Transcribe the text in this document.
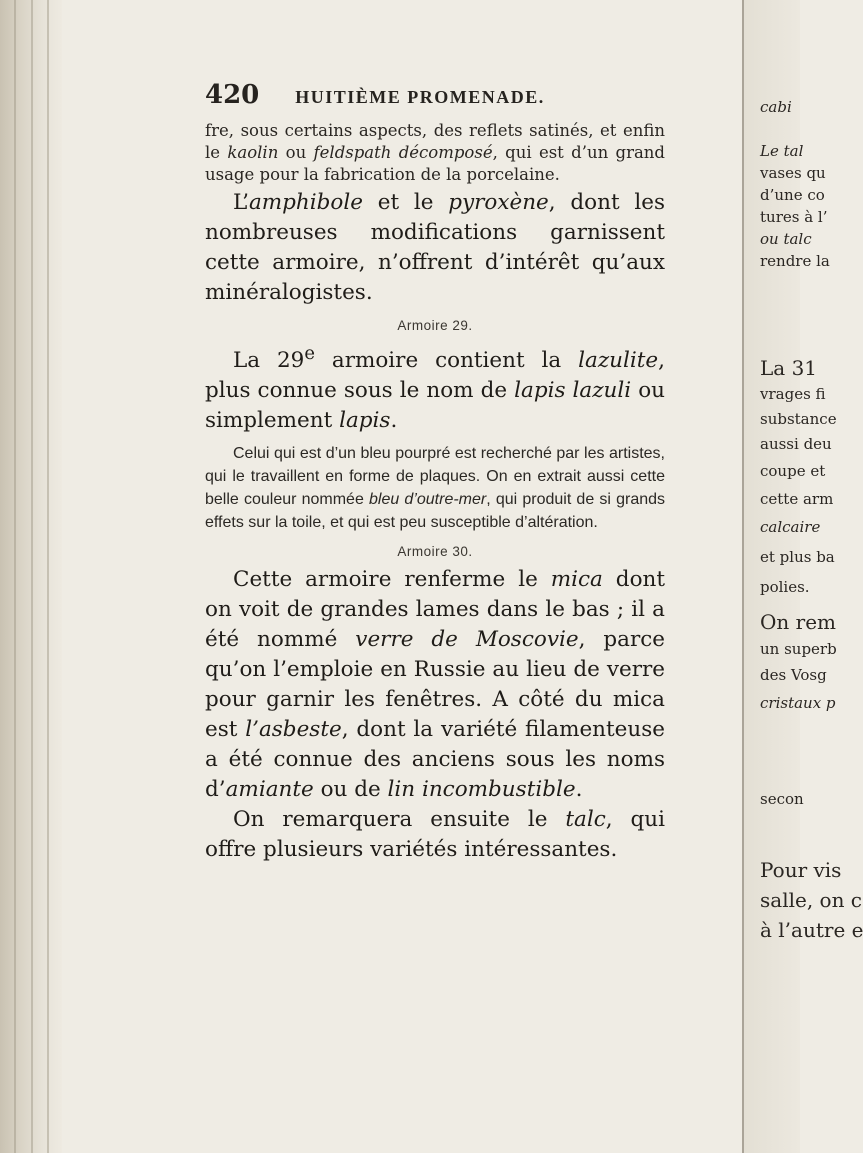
420 HUITIÈME PROMENADE.

fre, sous certains aspects, des reflets satinés, et enfin le kaolin ou feldspath décomposé, qui est d’un grand usage pour la fabrication de la porcelaine.

L’amphibole et le pyroxène, dont les nombreuses modifications garnissent cette armoire, n’offrent d’intérêt qu’aux minéralogistes.

Armoire 29.

La 29e armoire contient la lazulite, plus connue sous le nom de lapis lazuli ou simplement lapis.

Celui qui est d’un bleu pourpré est recherché par les artistes, qui le travaillent en forme de plaques. On en extrait aussi cette belle couleur nommée bleu d’outre-mer, qui produit de si grands effets sur la toile, et qui est peu susceptible d’altération.

Armoire 30.

Cette armoire renferme le mica dont on voit de grandes lames dans le bas ; il a été nommé verre de Moscovie, parce qu’on l’emploie en Russie au lieu de verre pour garnir les fenêtres. A côté du mica est l’asbeste, dont la variété filamenteuse a été connue des anciens sous les noms d’amiante ou de lin incombustible.

On remarquera ensuite le talc, qui offre plusieurs variétés intéressantes.

cabi
Le tal
vases qu
d’une co
tures à l’
ou talc
rendre la
La 31
vrages fi
substance
aussi deu
coupe et
cette arm
calcaire
et plus ba
polies.
On rem
un superb
des Vosg
cristaux p
secon
Pour vis
salle, on c
à l’autre e
